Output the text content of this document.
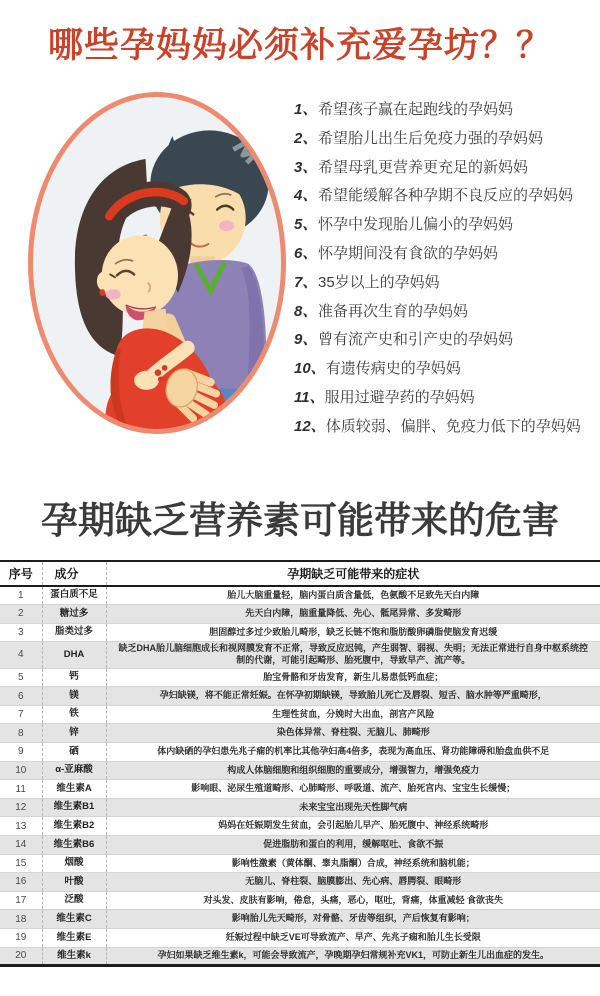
哪些孕妈妈必须补充爱孕坊？？
1、 希望孩子赢在起跑线的孕妈妈
2、 希望胎儿出生后免疫力强的孕妈妈
3、 希望母乳更营养更充足的新妈妈
4、 希望能缓解各种孕期不良反应的孕妈妈
5、 怀孕中发现胎儿偏小的孕妈妈
6、 怀孕期间没有食欲的孕妈妈
7、 35岁以上的孕妈妈
8、 准备再次生育的孕妈妈
9、 曾有流产史和引产史的孕妈妈
10、 有遗传病史的孕妈妈
11、 服用过避孕药的孕妈妈
12、 体质较弱、偏胖、免疫力低下的孕妈妈
孕期缺乏营养素可能带来的危害
序号	成分	孕期缺乏可能带来的症状
1	蛋白质不足	胎儿大脑重量轻，脑内蛋白质含量低，色氨酸不足致先天白内障
2	糖过多	先天白内障，脑重量降低、先心、骶尾异常、多发畸形
3	脂类过多	胆固醇过多过少致胎儿畸形，缺乏长链不饱和脂肪酸卵磷脂使脑发育迟缓
4	DHA	缺乏DHA胎儿脑细胞成长和视网膜发育不正常，导致反应迟钝，产生弱智、弱视、失明；无法正常进行自身中枢系统控制的代谢，可能引起畸形、胎死腹中，导致早产、流产等。
5	钙	胎宝骨骼和牙齿发育，新生儿易患低钙血症；
6	镁	孕妇缺镁，将不能正常妊娠。在怀孕初期缺镁，导致胎儿死亡及唇裂、短舌、脑水肿等严重畸形，
7	铁	生理性贫血，分娩时大出血，剖宫产风险
8	锌	染色体异常、脊柱裂、无脑儿、肺畸形
9	硒	体内缺硒的孕妇患先兆子痫的机率比其他孕妇高4倍多，表现为高血压、肾功能障碍和胎盘血供不足
10	α-亚麻酸	构成人体脑细胞和组织细胞的重要成分，增强智力，增强免疫力
11	维生素A	影响眼、泌尿生殖道畸形、心肺畸形、呼吸道、流产、胎死宫内、宝宝生长缓慢；
12	维生素B1	未来宝宝出现先天性脚气病
13	维生素B2	妈妈在妊娠期发生贫血，会引起胎儿早产、胎死腹中、神经系统畸形
14	维生素B6	促进脂肪和蛋白的利用，缓解呕吐、食欲不振
15	烟酸	影响性激素（黄体酮、睾丸脂酮）合成，神经系统和脑机能；
16	叶酸	无脑儿、脊柱裂、脑膜膨出、先心病、唇腭裂、眼畸形
17	泛酸	对头发、皮肤有影响，倦怠，头痛，恶心，呕吐，背痛，体重减轻 食欲丧失
18	维生素C	影响胎儿先天畸形，对骨骼、牙齿等组织，产后恢复有影响；
19	维生素E	妊娠过程中缺乏VE可导致流产、早产、先兆子痫和胎儿生长受限
20	维生素k	孕妇如果缺乏维生素k，可能会导致流产，孕晚期孕妇常规补充VK1，可防止新生儿出血症的发生。
